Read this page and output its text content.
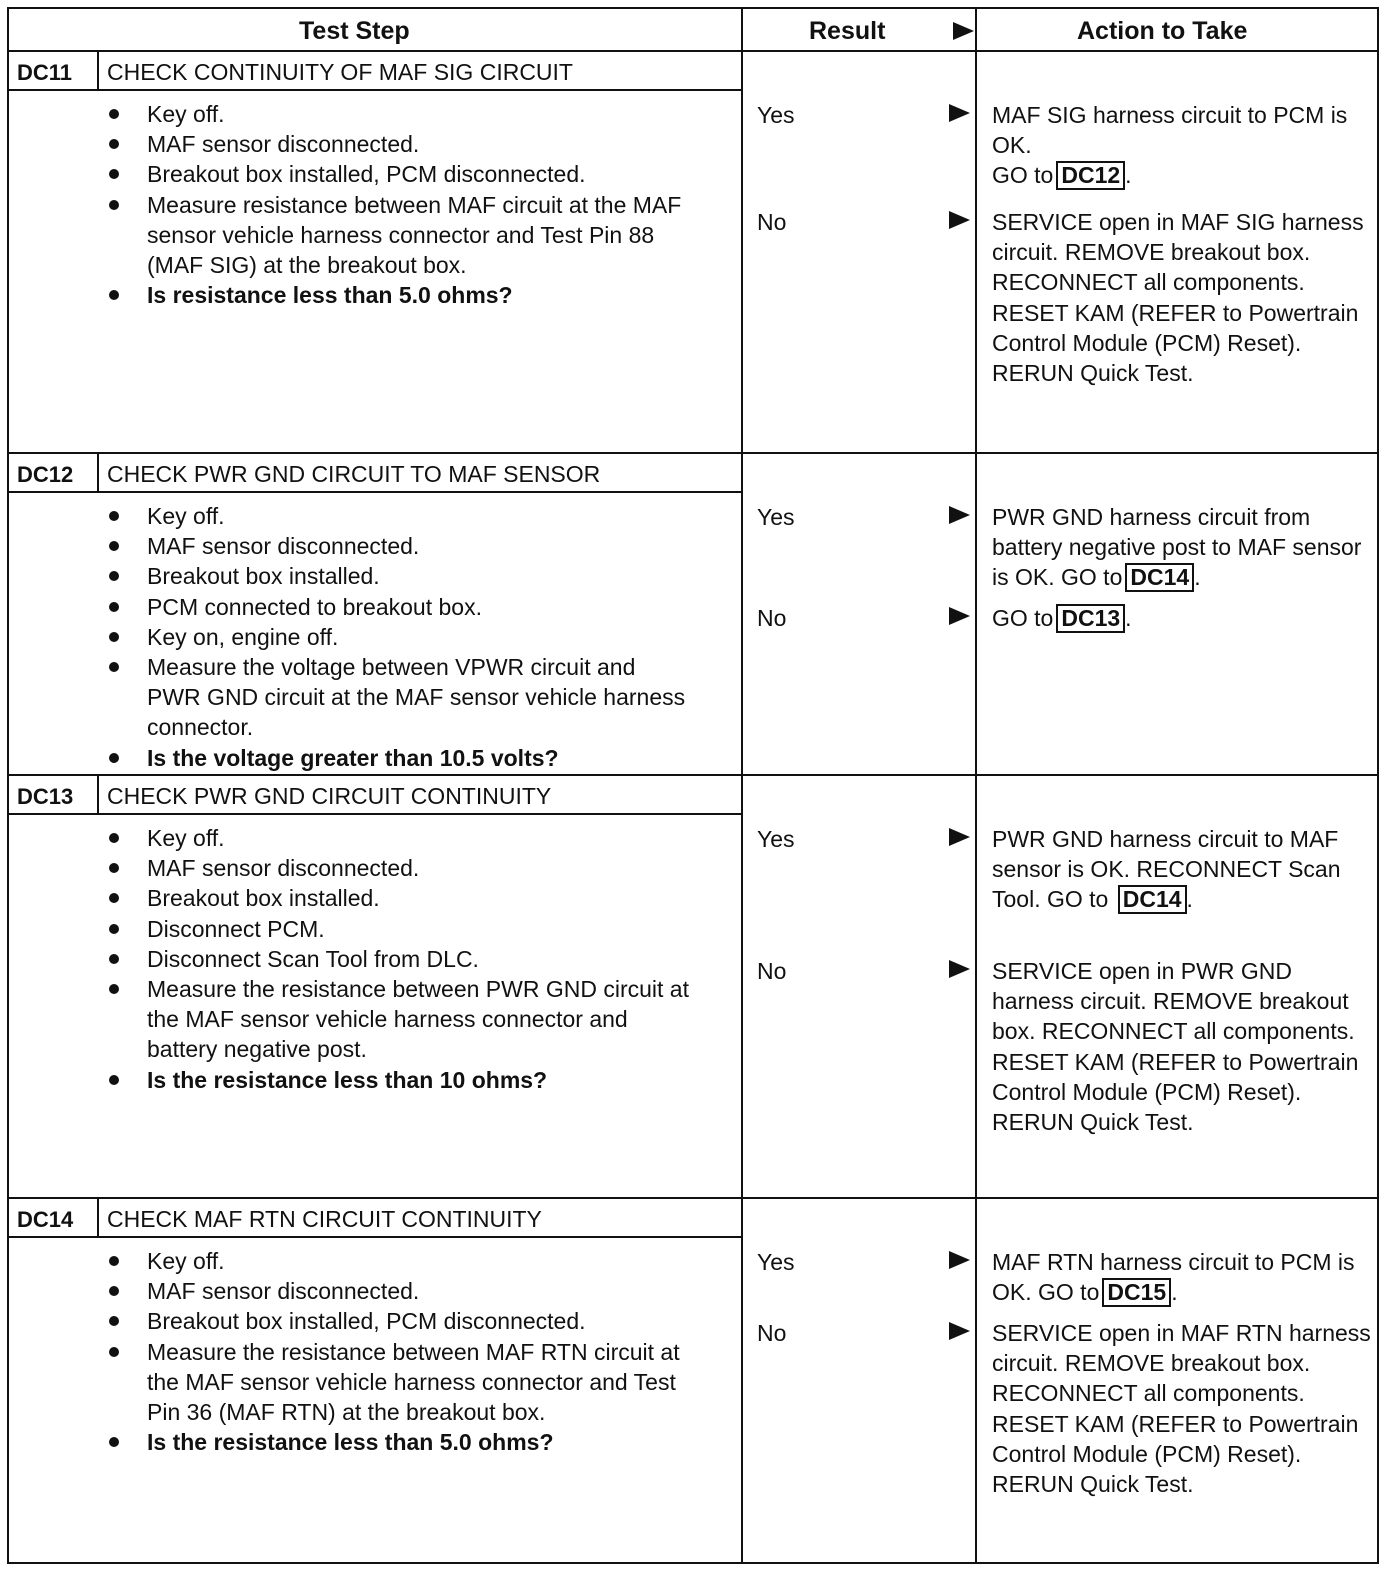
Test Step	Result	Action to Take
DC11 CHECK CONTINUITY OF MAF SIG CIRCUIT
Key off.
MAF sensor disconnected.
Breakout box installed, PCM disconnected.
Measure resistance between MAF circuit at the MAF sensor vehicle harness connector and Test Pin 88 (MAF SIG) at the breakout box.
Is resistance less than 5.0 ohms?
Yes	MAF SIG harness circuit to PCM is OK.
GO to DC12 .
No	SERVICE open in MAF SIG harness circuit. REMOVE breakout box. RECONNECT all components. RESET KAM (REFER to Powertrain Control Module (PCM) Reset). RERUN Quick Test.
DC12 CHECK PWR GND CIRCUIT TO MAF SENSOR
Key off.
MAF sensor disconnected.
Breakout box installed.
PCM connected to breakout box.
Key on, engine off.
Measure the voltage between VPWR circuit and PWR GND circuit at the MAF sensor vehicle harness connector.
Is the voltage greater than 10.5 volts?
Yes	PWR GND harness circuit from battery negative post to MAF sensor is OK. GO to DC14 .
No	GO to DC13 .
DC13 CHECK PWR GND CIRCUIT CONTINUITY
Key off.
MAF sensor disconnected.
Breakout box installed.
Disconnect PCM.
Disconnect Scan Tool from DLC.
Measure the resistance between PWR GND circuit at the MAF sensor vehicle harness connector and battery negative post.
Is the resistance less than 10 ohms?
Yes	PWR GND harness circuit to MAF sensor is OK. RECONNECT Scan Tool. GO to DC14 .
No	SERVICE open in PWR GND harness circuit. REMOVE breakout box. RECONNECT all components. RESET KAM (REFER to Powertrain Control Module (PCM) Reset). RERUN Quick Test.
DC14 CHECK MAF RTN CIRCUIT CONTINUITY
Key off.
MAF sensor disconnected.
Breakout box installed, PCM disconnected.
Measure the resistance between MAF RTN circuit at the MAF sensor vehicle harness connector and Test Pin 36 (MAF RTN) at the breakout box.
Is the resistance less than 5.0 ohms?
Yes	MAF RTN harness circuit to PCM is OK. GO to DC15 .
No	SERVICE open in MAF RTN harness circuit. REMOVE breakout box. RECONNECT all components. RESET KAM (REFER to Powertrain Control Module (PCM) Reset). RERUN Quick Test.
